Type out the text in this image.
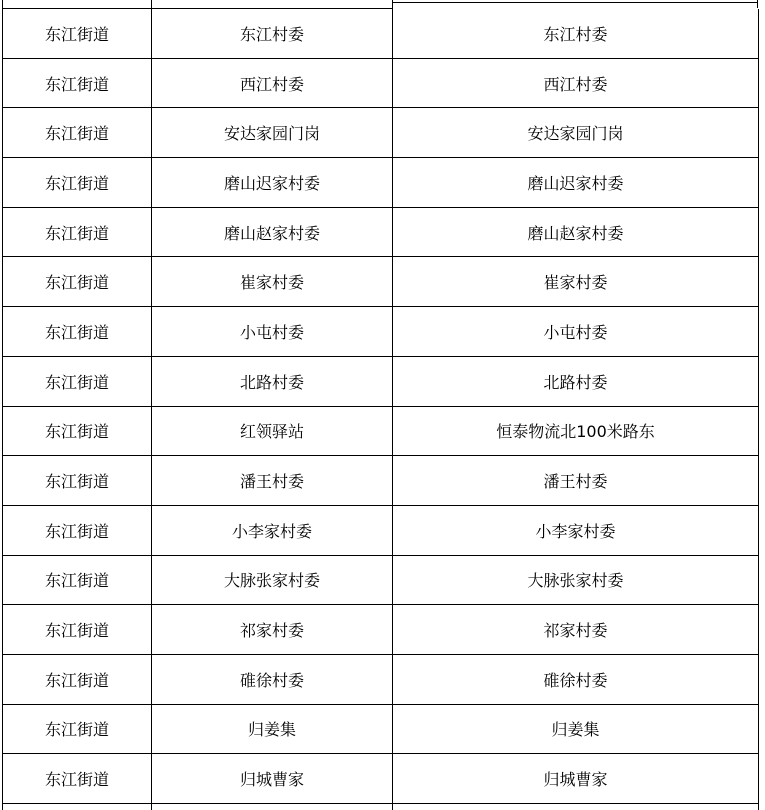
东江街道	东江村委	东江村委
东江街道	西江村委	西江村委
东江街道	安达家园门岗	安达家园门岗
东江街道	磨山迟家村委	磨山迟家村委
东江街道	磨山赵家村委	磨山赵家村委
东江街道	崔家村委	崔家村委
东江街道	小屯村委	小屯村委
东江街道	北路村委	北路村委
东江街道	红领驿站	恒泰物流北100米路东
东江街道	潘王村委	潘王村委
东江街道	小李家村委	小李家村委
东江街道	大脉张家村委	大脉张家村委
东江街道	祁家村委	祁家村委
东江街道	碓徐村委	碓徐村委
东江街道	归姜集	归姜集
东江街道	归城曹家	归城曹家
